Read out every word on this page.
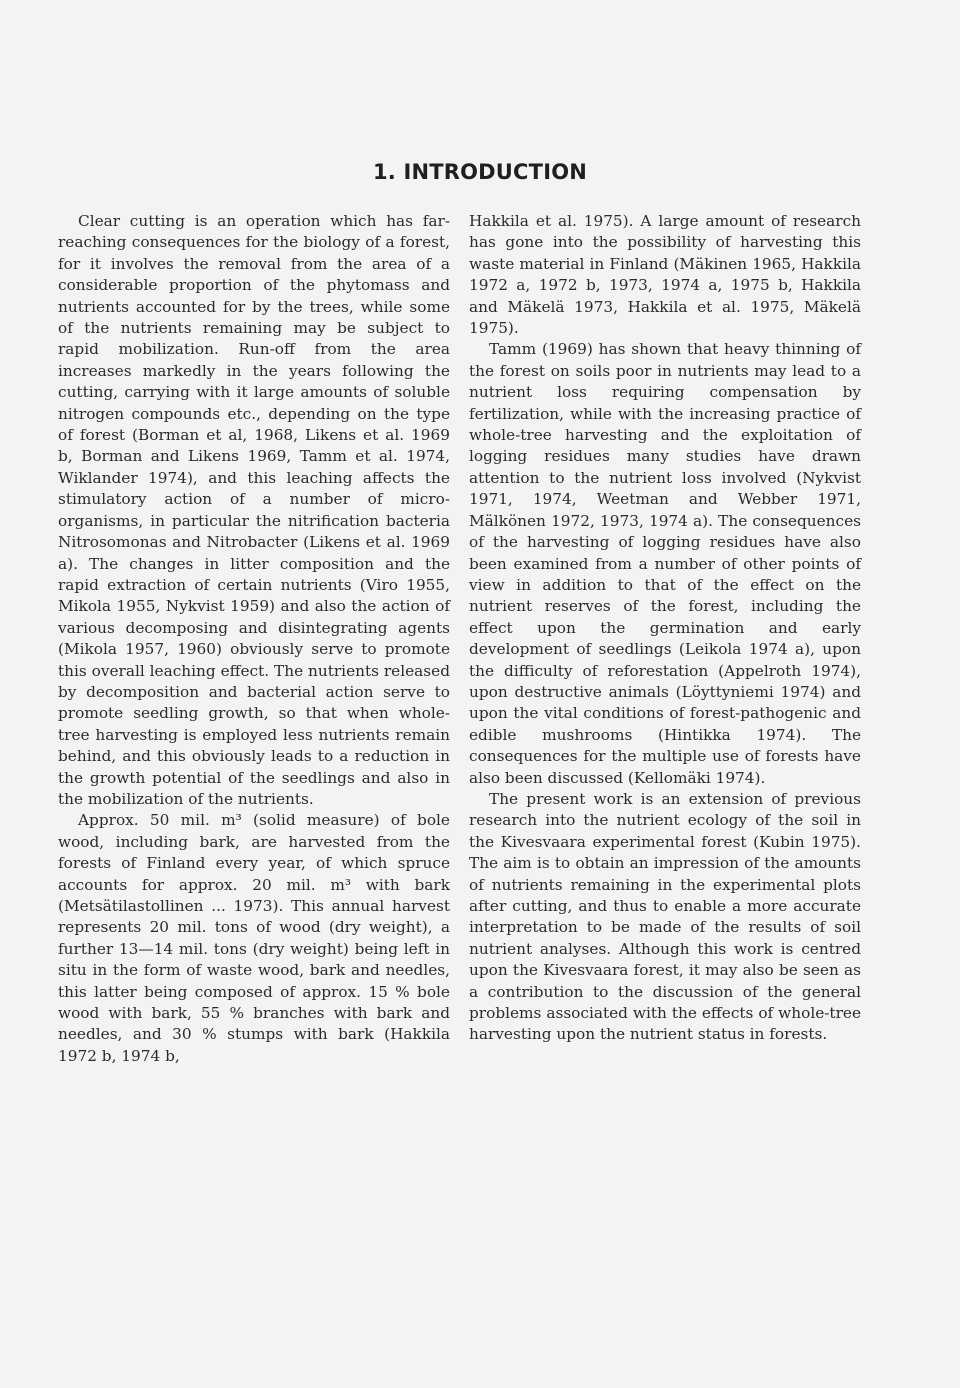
1. INTRODUCTION

Clear cutting is an operation which has far-reaching consequences for the biology of a forest, for it involves the removal from the area of a considerable proportion of the phytomass and nutrients accounted for by the trees, while some of the nutrients remaining may be subject to rapid mobilization. Run-off from the area increases markedly in the years following the cutting, carrying with it large amounts of soluble nitrogen compounds etc., depending on the type of forest (Borman et al, 1968, Likens et al. 1969 b, Borman and Likens 1969, Tamm et al. 1974, Wiklander 1974), and this leaching affects the stimulatory action of a number of micro-organisms, in particular the nitrification bacteria Nitrosomonas and Nitrobacter (Likens et al. 1969 a). The changes in litter composition and the rapid extraction of certain nutrients (Viro 1955, Mikola 1955, Nykvist 1959) and also the action of various decomposing and disintegrating agents (Mikola 1957, 1960) obviously serve to promote this overall leaching effect. The nutrients released by decomposition and bacterial action serve to promote seedling growth, so that when whole-tree harvesting is employed less nutrients remain behind, and this obviously leads to a reduction in the growth potential of the seedlings and also in the mobilization of the nutrients.

Approx. 50 mil. m³ (solid measure) of bole wood, including bark, are harvested from the forests of Finland every year, of which spruce accounts for approx. 20 mil. m³ with bark (Metsätilastollinen ... 1973). This annual harvest represents 20 mil. tons of wood (dry weight), a further 13—14 mil. tons (dry weight) being left in situ in the form of waste wood, bark and needles, this latter being composed of approx. 15 % bole wood with bark, 55 % branches with bark and needles, and 30 % stumps with bark (Hakkila 1972 b, 1974 b,

Hakkila et al. 1975). A large amount of research has gone into the possibility of harvesting this waste material in Finland (Mäkinen 1965, Hakkila 1972 a, 1972 b, 1973, 1974 a, 1975 b, Hakkila and Mäkelä 1973, Hakkila et al. 1975, Mäkelä 1975).

Tamm (1969) has shown that heavy thinning of the forest on soils poor in nutrients may lead to a nutrient loss requiring compensation by fertilization, while with the increasing practice of whole-tree harvesting and the exploitation of logging residues many studies have drawn attention to the nutrient loss involved (Nykvist 1971, 1974, Weetman and Webber 1971, Mälkönen 1972, 1973, 1974 a). The consequences of the harvesting of logging residues have also been examined from a number of other points of view in addition to that of the effect on the nutrient reserves of the forest, including the effect upon the germination and early development of seedlings (Leikola 1974 a), upon the difficulty of reforestation (Appelroth 1974), upon destructive animals (Löyttyniemi 1974) and upon the vital conditions of forest-pathogenic and edible mushrooms (Hintikka 1974). The consequences for the multiple use of forests have also been discussed (Kellomäki 1974).

The present work is an extension of previous research into the nutrient ecology of the soil in the Kivesvaara experimental forest (Kubin 1975). The aim is to obtain an impression of the amounts of nutrients remaining in the experimental plots after cutting, and thus to enable a more accurate interpretation to be made of the results of soil nutrient analyses. Although this work is centred upon the Kivesvaara forest, it may also be seen as a contribution to the discussion of the general problems associated with the effects of whole-tree harvesting upon the nutrient status in forests.
